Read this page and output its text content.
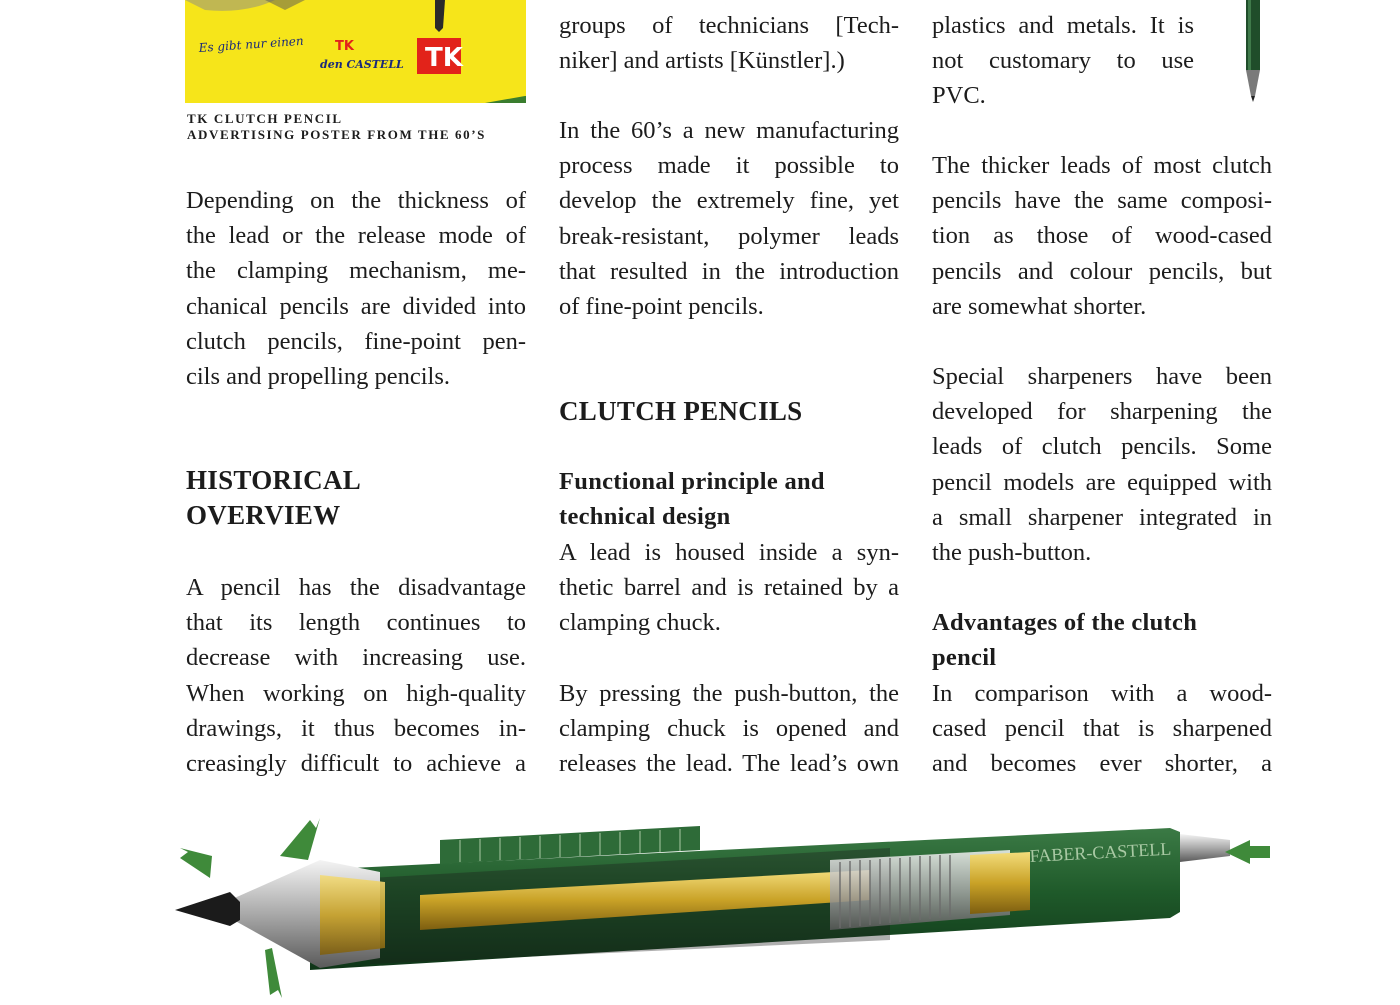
Es gibt nur einen
den CASTELL TK
TK
TK CLUTCH PENCIL
ADVERTISING POSTER FROM THE 60’S
Depending on the thickness of
the lead or the release mode of
the clamping mechanism, me-
chanical pencils are divided into
clutch pencils, fine-point pen-
cils and propelling pencils.
HISTORICAL
OVERVIEW
A pencil has the disadvantage
that its length continues to
decrease with increasing use.
When working on high-quality
drawings, it thus becomes in-
creasingly difficult to achieve a
groups of technicians [Tech-
niker] and artists [Künstler].)
In the 60’s a new manufacturing
process made it possible to
develop the extremely fine, yet
break-resistant, polymer leads
that resulted in the introduction
of fine-point pencils.
CLUTCH PENCILS
Functional principle and
technical design
A lead is housed inside a syn-
thetic barrel and is retained by a
clamping chuck.
By pressing the push-button, the
clamping chuck is opened and
releases the lead. The lead’s own
plastics and metals. It is
not customary to use
PVC.
The thicker leads of most clutch
pencils have the same composi-
tion as those of wood-cased
pencils and colour pencils, but
are somewhat shorter.
Special sharpeners have been
developed for sharpening the
leads of clutch pencils. Some
pencil models are equipped with
a small sharpener integrated in
the push-button.
Advantages of the clutch
pencil
In comparison with a wood-
cased pencil that is sharpened
and becomes ever shorter, a
FABER-CASTELL
